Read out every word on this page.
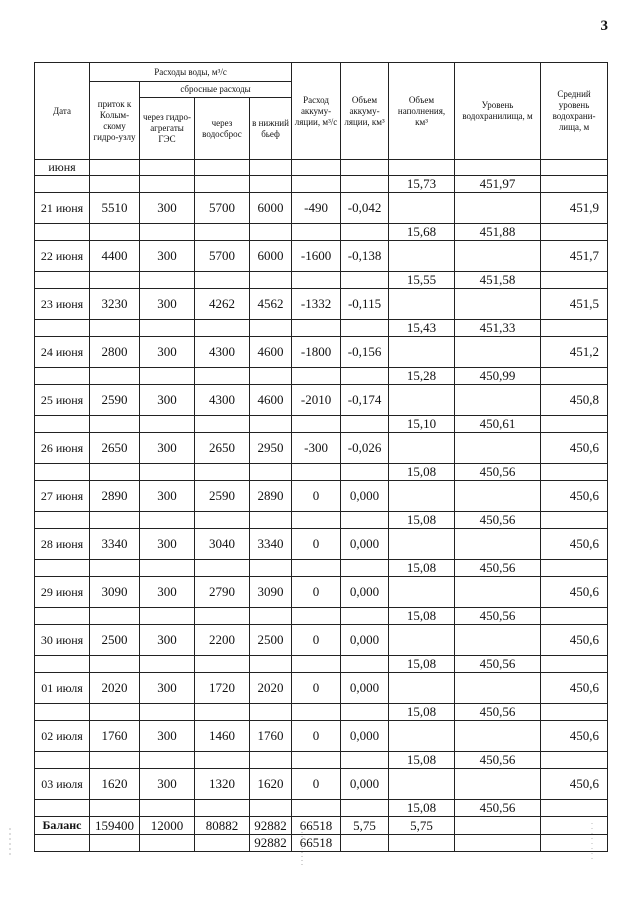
3
Дата	Расходы воды, м³/с				Расход аккуму-ляции, м³/с	Объем аккуму-ляции, км³	Объем наполнения, км³	Уровень водохранилища, м	Средний уровень водохрани-лища, м
	приток к Колым-скому гидро-узлу	сбросные расходы							
		через гидро-агрегаты ГЭС	через водосброс	в нижний бьеф					
июня									
							15,73	451,97	
21 июня	5510	300	5700	6000	-490	-0,042			451,9
							15,68	451,88	
22 июня	4400	300	5700	6000	-1600	-0,138			451,7
							15,55	451,58	
23 июня	3230	300	4262	4562	-1332	-0,115			451,5
							15,43	451,33	
24 июня	2800	300	4300	4600	-1800	-0,156			451,2
							15,28	450,99	
25 июня	2590	300	4300	4600	-2010	-0,174			450,8
							15,10	450,61	
26 июня	2650	300	2650	2950	-300	-0,026			450,6
							15,08	450,56	
27 июня	2890	300	2590	2890	0	0,000			450,6
							15,08	450,56	
28 июня	3340	300	3040	3340	0	0,000			450,6
							15,08	450,56	
29 июня	3090	300	2790	3090	0	0,000			450,6
							15,08	450,56	
30 июня	2500	300	2200	2500	0	0,000			450,6
							15,08	450,56	
01 июля	2020	300	1720	2020	0	0,000			450,6
							15,08	450,56	
02 июля	1760	300	1460	1760	0	0,000			450,6
							15,08	450,56	
03 июля	1620	300	1320	1620	0	0,000			450,6
							15,08	450,56	
Баланс	159400	12000	80882	92882	66518	5,75	5,75		
				92882	66518				
